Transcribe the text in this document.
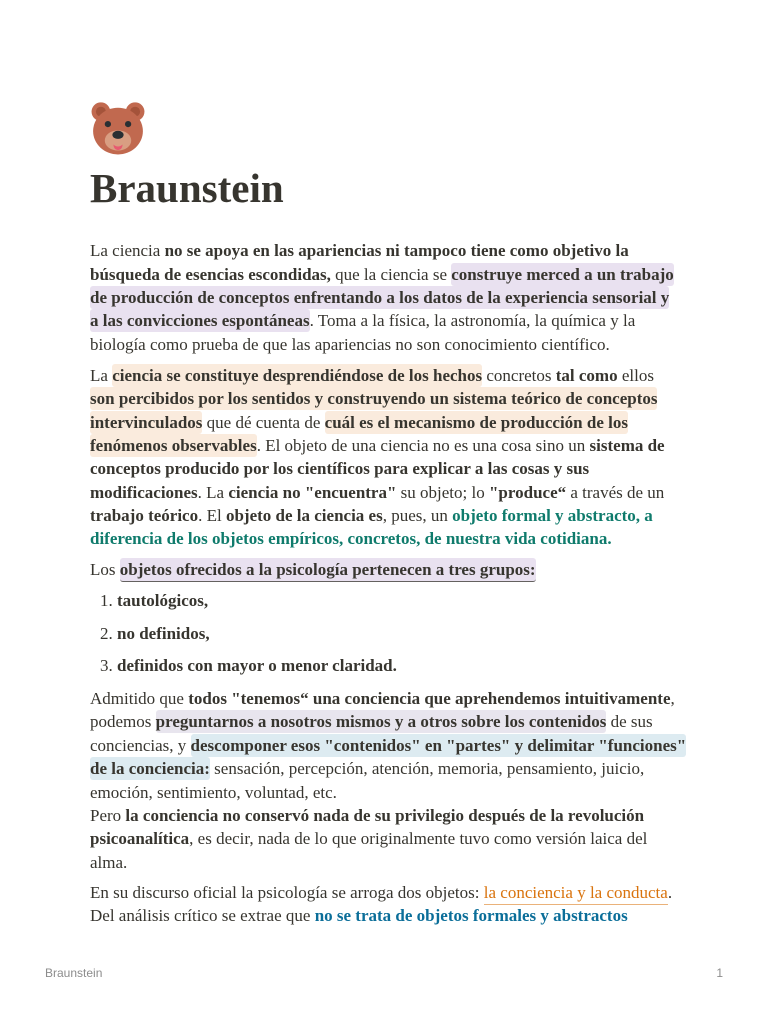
Braunstein
La ciencia no se apoya en las apariencias ni tampoco tiene como objetivo la
búsqueda de esencias escondidas, que la ciencia se construye merced a un trabajo
de producción de conceptos enfrentando a los datos de la experiencia sensorial y
a las convicciones espontáneas. Toma a la física, la astronomía, la química y la
biología como prueba de que las apariencias no son conocimiento científico.
La ciencia se constituye desprendiéndose de los hechos concretos tal como ellos
son percibidos por los sentidos y construyendo un sistema teórico de conceptos
intervinculados que dé cuenta de cuál es el mecanismo de producción de los
fenómenos observables. El objeto de una ciencia no es una cosa sino un sistema de
conceptos producido por los científicos para explicar a las cosas y sus
modificaciones. La ciencia no "encuentra" su objeto; lo "produce“ a través de un
trabajo teórico. El objeto de la ciencia es, pues, un objeto formal y abstracto, a
diferencia de los objetos empíricos, concretos, de nuestra vida cotidiana.
Los objetos ofrecidos a la psicología pertenecen a tres grupos:
1. tautológicos,
2. no definidos,
3. definidos con mayor o menor claridad.
Admitido que todos "tenemos“ una conciencia que aprehendemos intuitivamente,
podemos preguntarnos a nosotros mismos y a otros sobre los contenidos de sus
conciencias, y descomponer esos "contenidos" en "partes" y delimitar "funciones"
de la conciencia: sensación, percepción, atención, memoria, pensamiento, juicio,
emoción, sentimiento, voluntad, etc.
Pero la conciencia no conservó nada de su privilegio después de la revolución
psicoanalítica, es decir, nada de lo que originalmente tuvo como versión laica del
alma.
En su discurso oficial la psicología se arroga dos objetos: la conciencia y la conducta.
Del análisis crítico se extrae que no se trata de objetos formales y abstractos
Braunstein	1
